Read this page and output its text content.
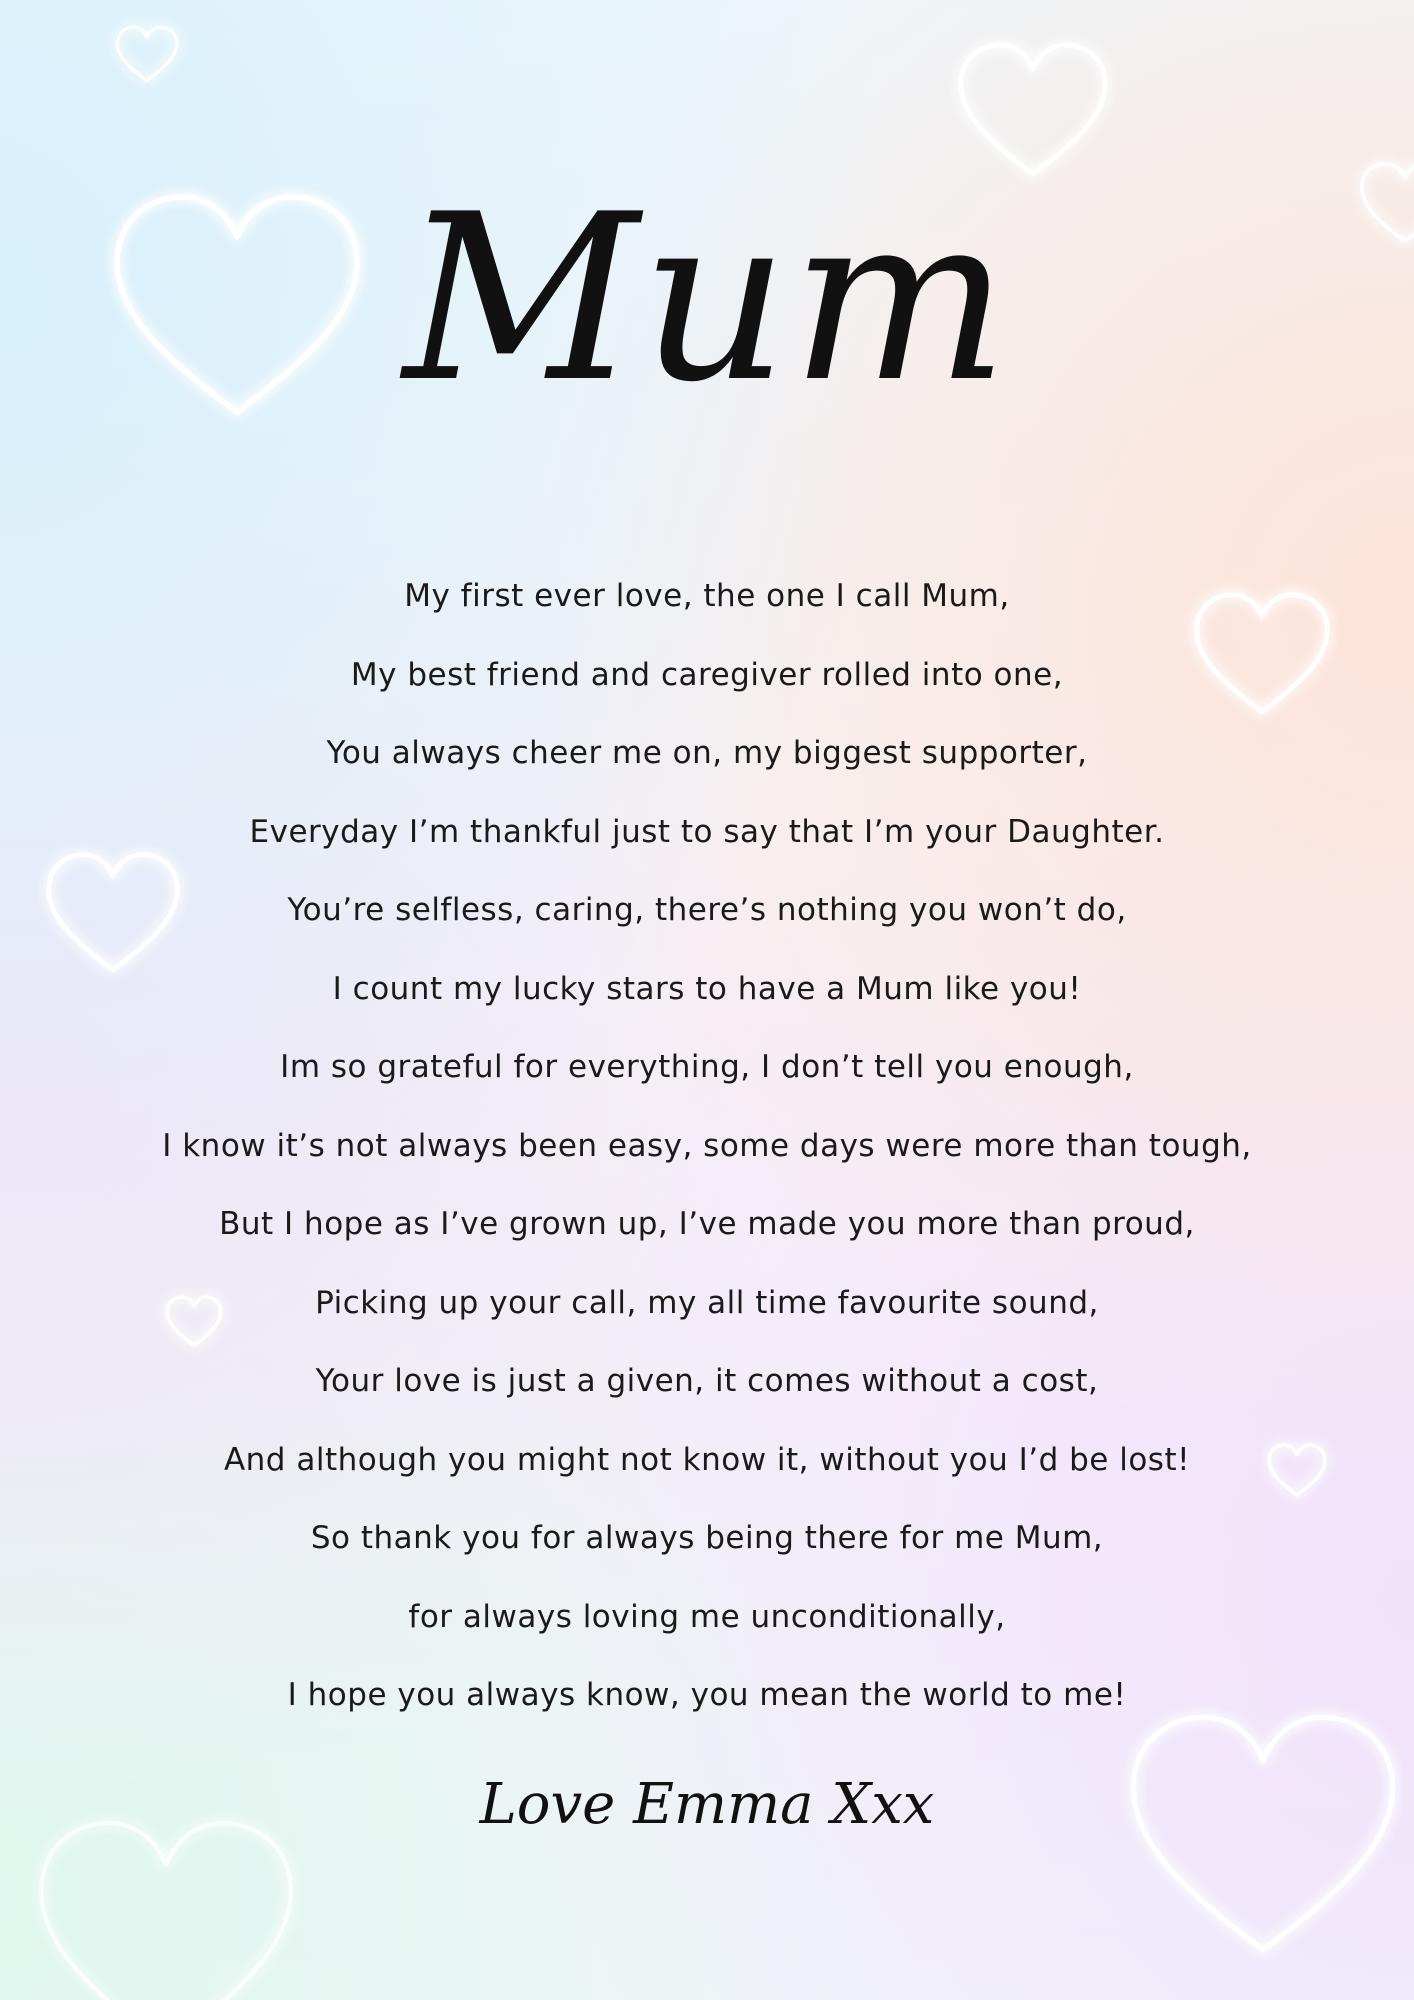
Mum
My first ever love, the one I call Mum,
My best friend and caregiver rolled into one,
You always cheer me on, my biggest supporter,
Everyday I’m thankful just to say that I’m your Daughter.
You’re selfless, caring, there’s nothing you won’t do,
I count my lucky stars to have a Mum like you!
Im so grateful for everything, I don’t tell you enough,
I know it’s not always been easy, some days were more than tough,
But I hope as I’ve grown up, I’ve made you more than proud,
Picking up your call, my all time favourite sound,
Your love is just a given, it comes without a cost,
And although you might not know it, without you I’d be lost!
So thank you for always being there for me Mum,
for always loving me unconditionally,
I hope you always know, you mean the world to me!
Love Emma Xxx
